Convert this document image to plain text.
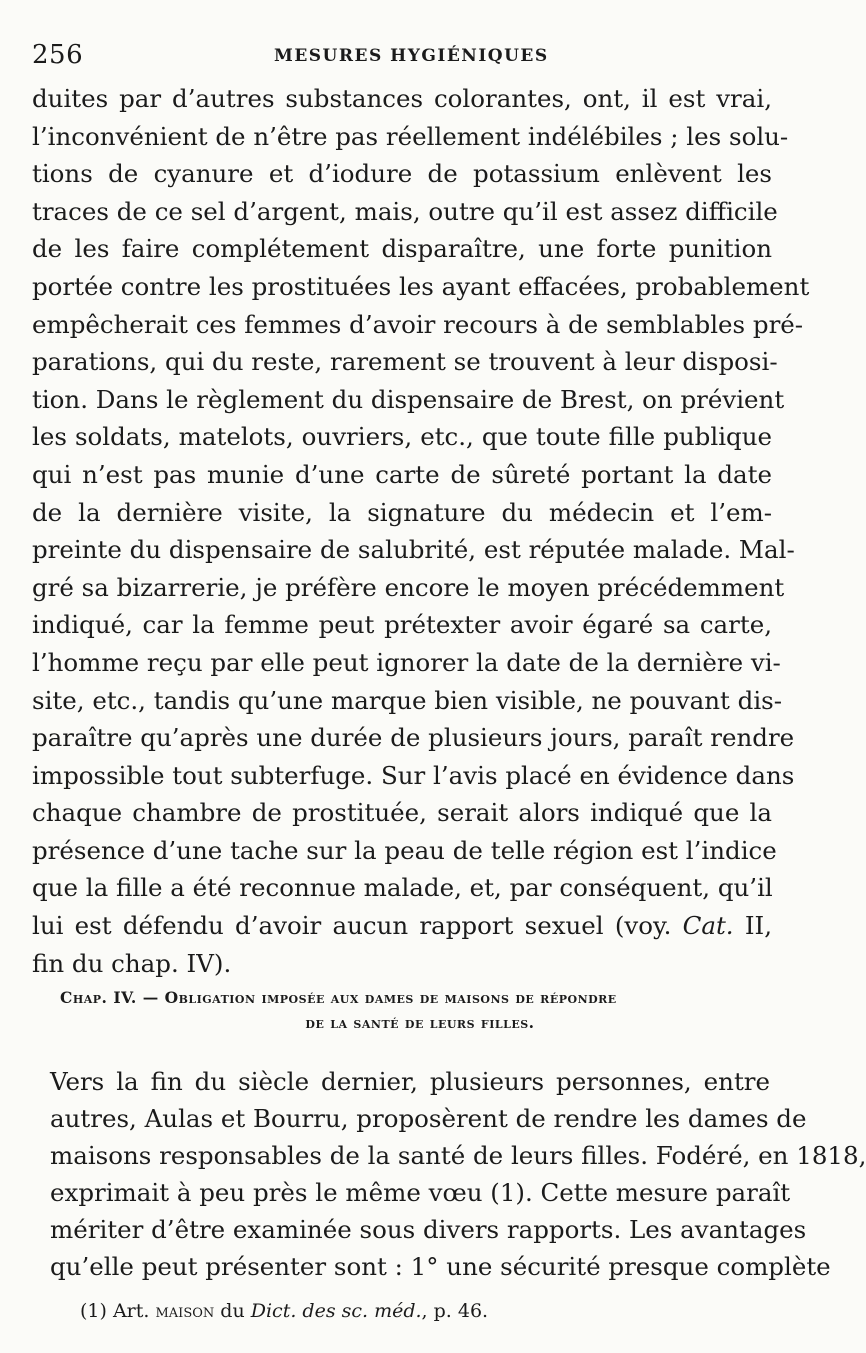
256	MESURES HYGIÉNIQUES
duites par d’autres substances colorantes, ont, il est vrai,
l’inconvénient de n’être pas réellement indélébiles ; les solu-
tions de cyanure et d’iodure de potassium enlèvent les
traces de ce sel d’argent, mais, outre qu’il est assez difficile
de les faire complétement disparaître, une forte punition
portée contre les prostituées les ayant effacées, probablement
empêcherait ces femmes d’avoir recours à de semblables pré-
parations, qui du reste, rarement se trouvent à leur disposi-
tion. Dans le règlement du dispensaire de Brest, on prévient
les soldats, matelots, ouvriers, etc., que toute fille publique
qui n’est pas munie d’une carte de sûreté portant la date
de la dernière visite, la signature du médecin et l’em-
preinte du dispensaire de salubrité, est réputée malade. Mal-
gré sa bizarrerie, je préfère encore le moyen précédemment
indiqué, car la femme peut prétexter avoir égaré sa carte,
l’homme reçu par elle peut ignorer la date de la dernière vi-
site, etc., tandis qu’une marque bien visible, ne pouvant dis-
paraître qu’après une durée de plusieurs jours, paraît rendre
impossible tout subterfuge. Sur l’avis placé en évidence dans
chaque chambre de prostituée, serait alors indiqué que la
présence d’une tache sur la peau de telle région est l’indice
que la fille a été reconnue malade, et, par conséquent, qu’il
lui est défendu d’avoir aucun rapport sexuel (voy. Cat. II,
fin du chap. IV).
Chap. IV. — Obligation imposée aux dames de maisons de répondre
de la santé de leurs filles.
Vers la fin du siècle dernier, plusieurs personnes, entre
autres, Aulas et Bourru, proposèrent de rendre les dames de
maisons responsables de la santé de leurs filles. Fodéré, en 1818,
exprimait à peu près le même vœu (1). Cette mesure paraît
mériter d’être examinée sous divers rapports. Les avantages
qu’elle peut présenter sont : 1° une sécurité presque complète
(1) Art. maison du Dict. des sc. méd., p. 46.
